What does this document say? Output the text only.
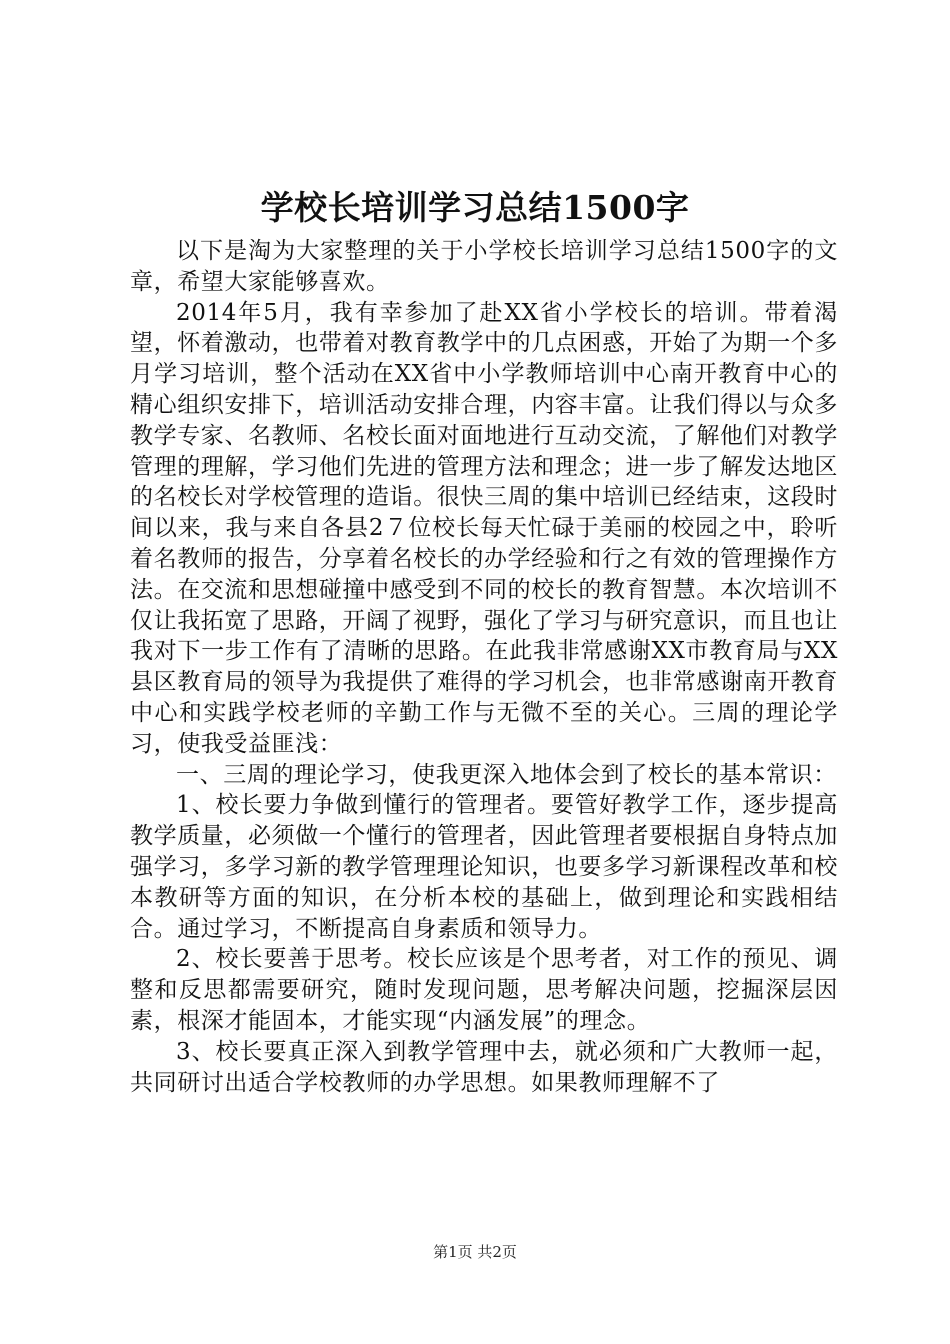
学校长培训学习总结1500字

以下是淘为大家整理的关于小学校长培训学习总结1500字的文章，希望大家能够喜欢。

2014年5月，我有幸参加了赴XX省小学校长的培训。带着渴望，怀着激动，也带着对教育教学中的几点困惑，开始了为期一个多月学习培训，整个活动在XX省中小学教师培训中心南开教育中心的精心组织安排下，培训活动安排合理，内容丰富。让我们得以与众多教学专家、名教师、名校长面对面地进行互动交流，了解他们对教学管理的理解，学习他们先进的管理方法和理念；进一步了解发达地区的名校长对学校管理的造诣。很快三周的集中培训已经结束，这段时间以来，我与来自各县2７位校长每天忙碌于美丽的校园之中，聆听着名教师的报告，分享着名校长的办学经验和行之有效的管理操作方法。在交流和思想碰撞中感受到不同的校长的教育智慧。本次培训不仅让我拓宽了思路，开阔了视野，强化了学习与研究意识，而且也让我对下一步工作有了清晰的思路。在此我非常感谢XX市教育局与XX县区教育局的领导为我提供了难得的学习机会，也非常感谢南开教育中心和实践学校老师的辛勤工作与无微不至的关心。三周的理论学习，使我受益匪浅：

一、三周的理论学习，使我更深入地体会到了校长的基本常识：

1、校长要力争做到懂行的管理者。要管好教学工作，逐步提高教学质量，必须做一个懂行的管理者，因此管理者要根据自身特点加强学习，多学习新的教学管理理论知识，也要多学习新课程改革和校本教研等方面的知识，在分析本校的基础上，做到理论和实践相结合。通过学习，不断提高自身素质和领导力。

2、校长要善于思考。校长应该是个思考者，对工作的预见、调整和反思都需要研究，随时发现问题，思考解决问题，挖掘深层因素，根深才能固本，才能实现“内涵发展”的理念。

3、校长要真正深入到教学管理中去，就必须和广大教师一起，共同研讨出适合学校教师的办学思想。如果教师理解不了

第1页 共2页
